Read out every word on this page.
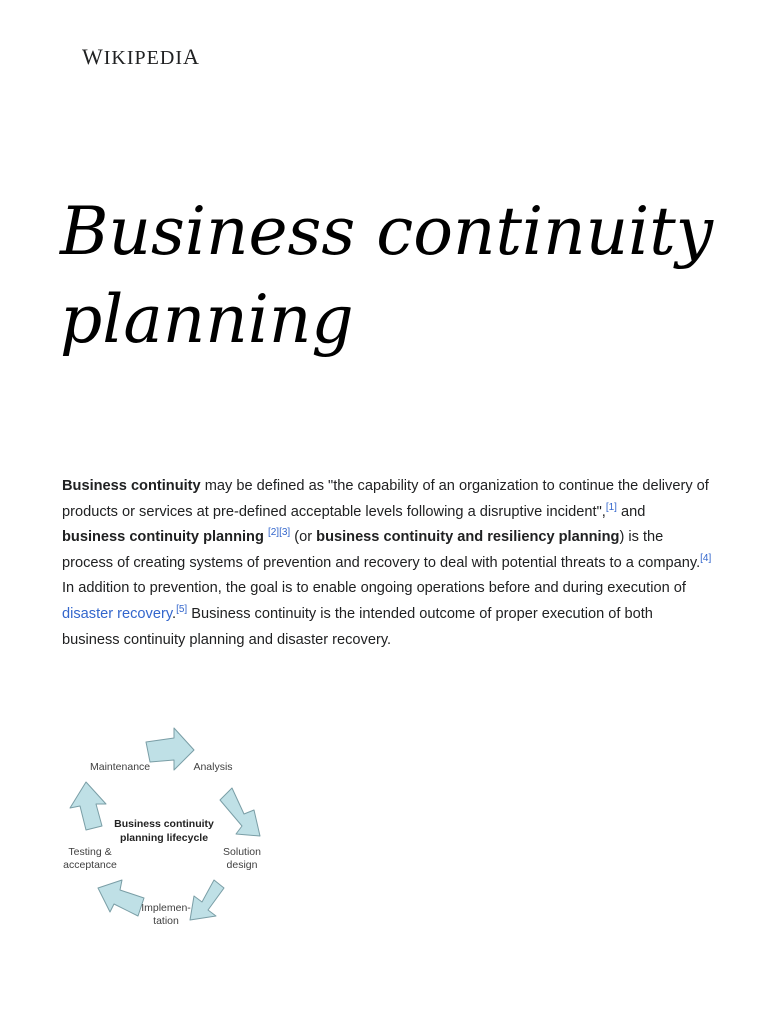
WIKIPEDIA
Business continuity
planning

Business continuity may be defined as "the capability of an organization to continue the delivery of products or services at pre-defined acceptable levels following a disruptive incident",[1] and business continuity planning [2][3] (or business continuity and resiliency planning) is the process of creating systems of prevention and recovery to deal with potential threats to a company.[4] In addition to prevention, the goal is to enable ongoing operations before and during execution of disaster recovery.[5] Business continuity is the intended outcome of proper execution of both business continuity planning and disaster recovery.

Business continuity
planning lifecycle
Maintenance	Analysis
Solution
design
Implemen-
tation
Testing &
acceptance
